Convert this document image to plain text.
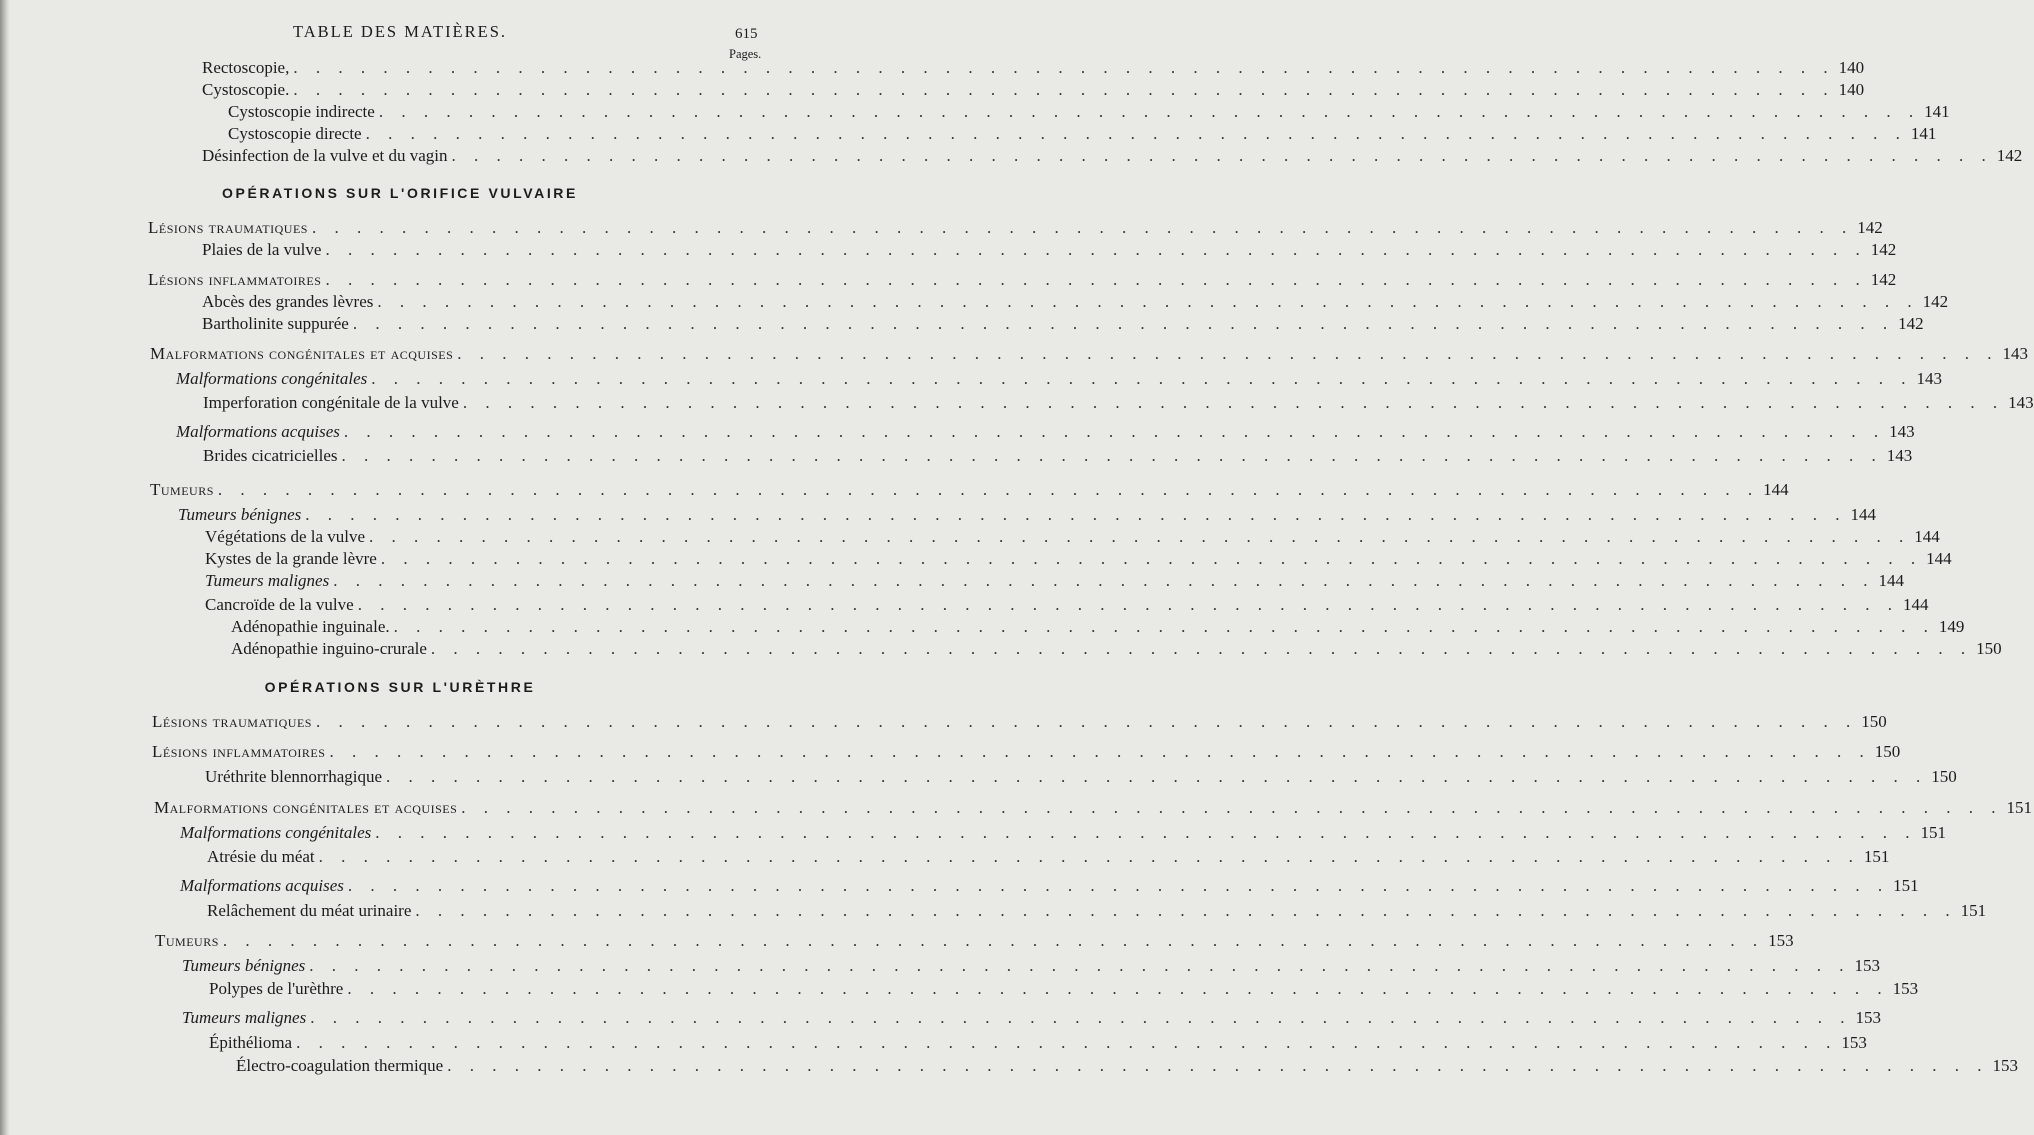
TABLE DES MATIÈRES.	615
Pages.
Rectoscopie, . . . . . . . . . . . . . . . . . . . . . . . . . . . . . . . . . . . . . . . . . . . . . . . . . . . . . . . . . . . . . . . . . . . . . 140
Cystoscopie. . . . . . . . . . . . . . . . . . . . . . . . . . . . . . . . . . . . . . . . . . . . . . . . . . . . . . . . . . . . . . . . . . . . . . 140
Cystoscopie indirecte . . . . . . . . . . . . . . . . . . . . . . . . . . . . . . . . . . . . . . . . . . . . . . . . . . . . . . . . . . . . . . . . . . . . . 141
Cystoscopie directe . . . . . . . . . . . . . . . . . . . . . . . . . . . . . . . . . . . . . . . . . . . . . . . . . . . . . . . . . . . . . . . . . . . . . 141
Désinfection de la vulve et du vagin . . . . . . . . . . . . . . . . . . . . . . . . . . . . . . . . . . . . . . . . . . . . . . . . . . . . . . . . . . . . . . . . . . . . . 142
OPÉRATIONS SUR L'ORIFICE VULVAIRE
Lésions traumatiques . . . . . . . . . . . . . . . . . . . . . . . . . . . . . . . . . . . . . . . . . . . . . . . . . . . . . . . . . . . . . . . . . . . . . 142
Plaies de la vulve . . . . . . . . . . . . . . . . . . . . . . . . . . . . . . . . . . . . . . . . . . . . . . . . . . . . . . . . . . . . . . . . . . . . . 142
Lésions inflammatoires . . . . . . . . . . . . . . . . . . . . . . . . . . . . . . . . . . . . . . . . . . . . . . . . . . . . . . . . . . . . . . . . . . . . . 142
Abcès des grandes lèvres . . . . . . . . . . . . . . . . . . . . . . . . . . . . . . . . . . . . . . . . . . . . . . . . . . . . . . . . . . . . . . . . . . . . . 142
Bartholinite suppurée . . . . . . . . . . . . . . . . . . . . . . . . . . . . . . . . . . . . . . . . . . . . . . . . . . . . . . . . . . . . . . . . . . . . . 142
Malformations congénitales et acquises . . . . . . . . . . . . . . . . . . . . . . . . . . . . . . . . . . . . . . . . . . . . . . . . . . . . . . . . . . . . . . . . . . . . . 143
Malformations congénitales . . . . . . . . . . . . . . . . . . . . . . . . . . . . . . . . . . . . . . . . . . . . . . . . . . . . . . . . . . . . . . . . . . . . . 143
Imperforation congénitale de la vulve . . . . . . . . . . . . . . . . . . . . . . . . . . . . . . . . . . . . . . . . . . . . . . . . . . . . . . . . . . . . . . . . . . . . . 143
Malformations acquises . . . . . . . . . . . . . . . . . . . . . . . . . . . . . . . . . . . . . . . . . . . . . . . . . . . . . . . . . . . . . . . . . . . . . 143
Brides cicatricielles . . . . . . . . . . . . . . . . . . . . . . . . . . . . . . . . . . . . . . . . . . . . . . . . . . . . . . . . . . . . . . . . . . . . . 143
Tumeurs . . . . . . . . . . . . . . . . . . . . . . . . . . . . . . . . . . . . . . . . . . . . . . . . . . . . . . . . . . . . . . . . . . . . . 144
Tumeurs bénignes . . . . . . . . . . . . . . . . . . . . . . . . . . . . . . . . . . . . . . . . . . . . . . . . . . . . . . . . . . . . . . . . . . . . . 144
Végétations de la vulve . . . . . . . . . . . . . . . . . . . . . . . . . . . . . . . . . . . . . . . . . . . . . . . . . . . . . . . . . . . . . . . . . . . . . 144
Kystes de la grande lèvre . . . . . . . . . . . . . . . . . . . . . . . . . . . . . . . . . . . . . . . . . . . . . . . . . . . . . . . . . . . . . . . . . . . . . 144
Tumeurs malignes . . . . . . . . . . . . . . . . . . . . . . . . . . . . . . . . . . . . . . . . . . . . . . . . . . . . . . . . . . . . . . . . . . . . . 144
Cancroïde de la vulve . . . . . . . . . . . . . . . . . . . . . . . . . . . . . . . . . . . . . . . . . . . . . . . . . . . . . . . . . . . . . . . . . . . . . 144
Adénopathie inguinale. . . . . . . . . . . . . . . . . . . . . . . . . . . . . . . . . . . . . . . . . . . . . . . . . . . . . . . . . . . . . . . . . . . . . . 149
Adénopathie inguino-crurale . . . . . . . . . . . . . . . . . . . . . . . . . . . . . . . . . . . . . . . . . . . . . . . . . . . . . . . . . . . . . . . . . . . . . 150
OPÉRATIONS SUR L'URÈTHRE
Lésions traumatiques . . . . . . . . . . . . . . . . . . . . . . . . . . . . . . . . . . . . . . . . . . . . . . . . . . . . . . . . . . . . . . . . . . . . . 150
Lésions inflammatoires . . . . . . . . . . . . . . . . . . . . . . . . . . . . . . . . . . . . . . . . . . . . . . . . . . . . . . . . . . . . . . . . . . . . . 150
Uréthrite blennorrhagique . . . . . . . . . . . . . . . . . . . . . . . . . . . . . . . . . . . . . . . . . . . . . . . . . . . . . . . . . . . . . . . . . . . . . 150
Malformations congénitales et acquises . . . . . . . . . . . . . . . . . . . . . . . . . . . . . . . . . . . . . . . . . . . . . . . . . . . . . . . . . . . . . . . . . . . . . 151
Malformations congénitales . . . . . . . . . . . . . . . . . . . . . . . . . . . . . . . . . . . . . . . . . . . . . . . . . . . . . . . . . . . . . . . . . . . . . 151
Atrésie du méat . . . . . . . . . . . . . . . . . . . . . . . . . . . . . . . . . . . . . . . . . . . . . . . . . . . . . . . . . . . . . . . . . . . . . 151
Malformations acquises . . . . . . . . . . . . . . . . . . . . . . . . . . . . . . . . . . . . . . . . . . . . . . . . . . . . . . . . . . . . . . . . . . . . . 151
Relâchement du méat urinaire . . . . . . . . . . . . . . . . . . . . . . . . . . . . . . . . . . . . . . . . . . . . . . . . . . . . . . . . . . . . . . . . . . . . . 151
Tumeurs . . . . . . . . . . . . . . . . . . . . . . . . . . . . . . . . . . . . . . . . . . . . . . . . . . . . . . . . . . . . . . . . . . . . . 153
Tumeurs bénignes . . . . . . . . . . . . . . . . . . . . . . . . . . . . . . . . . . . . . . . . . . . . . . . . . . . . . . . . . . . . . . . . . . . . . 153
Polypes de l'urèthre . . . . . . . . . . . . . . . . . . . . . . . . . . . . . . . . . . . . . . . . . . . . . . . . . . . . . . . . . . . . . . . . . . . . . 153
Tumeurs malignes . . . . . . . . . . . . . . . . . . . . . . . . . . . . . . . . . . . . . . . . . . . . . . . . . . . . . . . . . . . . . . . . . . . . . 153
Épithélioma . . . . . . . . . . . . . . . . . . . . . . . . . . . . . . . . . . . . . . . . . . . . . . . . . . . . . . . . . . . . . . . . . . . . . 153
Électro-coagulation thermique . . . . . . . . . . . . . . . . . . . . . . . . . . . . . . . . . . . . . . . . . . . . . . . . . . . . . . . . . . . . . . . . . . . . . 153
